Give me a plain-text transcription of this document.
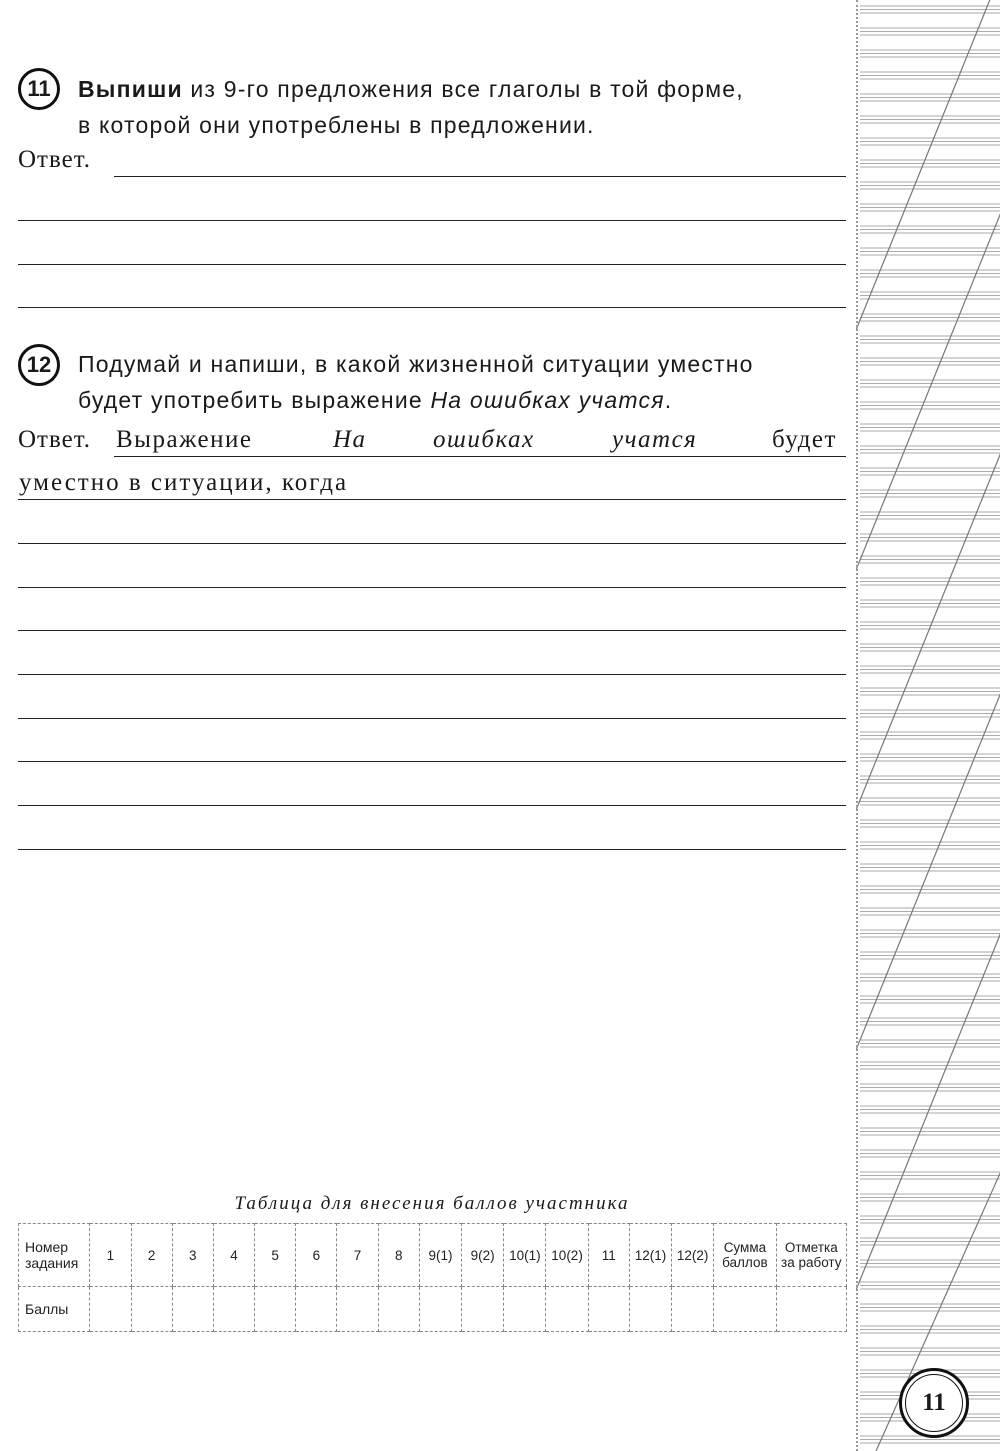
11	Выпиши из 9-го предложения все глаголы в той форме,
в которой они употреблены в предложении.
Ответ.
12	Подумай и напиши, в какой жизненной ситуации уместно
будет употребить выражение На ошибках учатся.
Ответ. Выражение	На	ошибках	учатся	будет
уместно в ситуации, когда
Таблица для внесения баллов участника
Номер задания	1	2	3	4	5	6	7	8	9(1)	9(2)	10(1)	10(2)	11	12(1)	12(2)	Сумма баллов	Отметка за работу
Баллы																	
11
